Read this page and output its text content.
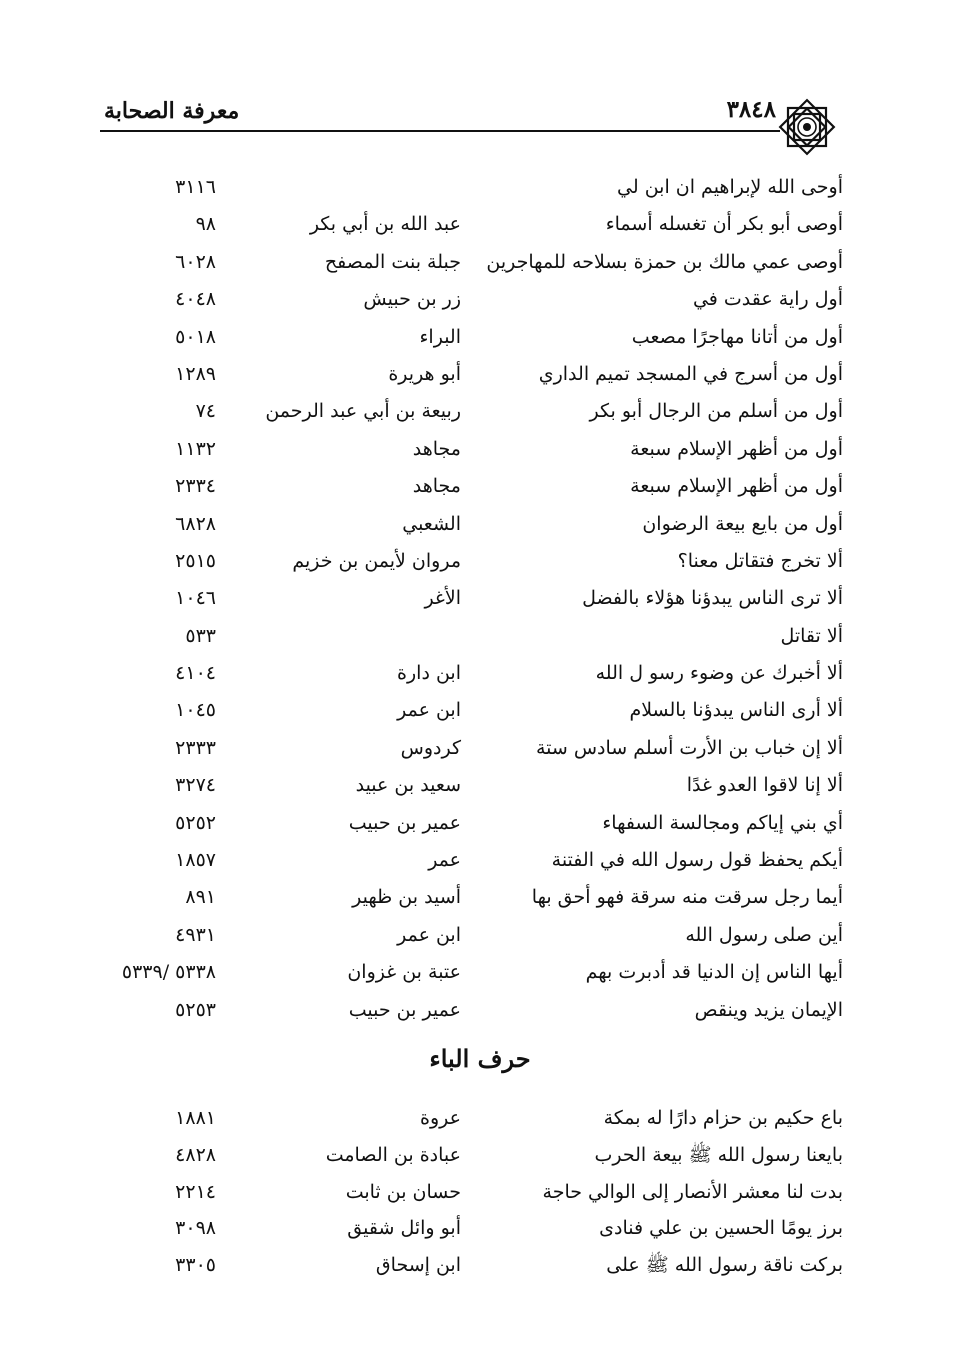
معرفة الصحابة	٣٨٤٨
أوحى الله لإبراهيم ان ابن لي
٣١١٦
أوصى أبو بكر أن تغسله أسماء
عبد الله بن أبي بكر
٩٨
أوصى عمي مالك بن حمزة بسلاحه للمهاجرين
جبلة بنت المصفح
٦٠٢٨
أول راية عقدت في
زر بن حبيش
٤٠٤٨
أول من أتانا مهاجرًا مصعب
البراء
٥٠١٨
أول من أسرج في المسجد تميم الداري
أبو هريرة
١٢٨٩
أول من أسلم من الرجال أبو بكر
ربيعة بن أبي عبد الرحمن
٧٤
أول من أظهر الإسلام سبعة
مجاهد
١١٣٢
أول من أظهر الإسلام سبعة
مجاهد
٢٣٣٤
أول من بايع بيعة الرضوان
الشعبي
٦٨٢٨
ألا تخرج فتقاتل معنا؟
مروان لأيمن بن خزيم
٢٥١٥
ألا ترى الناس يبدؤنا هؤلاء بالفضل
الأغر
١٠٤٦
ألا تقاتل
٥٣٣
ألا أخبرك عن وضوء رسو ل الله
ابن دارة
٤١٠٤
ألا أرى الناس يبدؤنا بالسلام
ابن عمر
١٠٤٥
ألا إن خباب بن الأرت أسلم سادس ستة
كردوس
٢٣٣٣
ألا إنا لاقوا العدو غدًا
سعيد بن عبيد
٣٢٧٤
أي بني إياكم ومجالسة السفهاء
عمير بن حبيب
٥٢٥٢
أيكم يحفظ قول رسول الله في الفتنة
عمر
١٨٥٧
أيما رجل سرقت منه سرقة فهو أحق بها
أسيد بن ظهير
٨٩١
أين صلى رسول الله
ابن عمر
٤٩٣١
أيها الناس إن الدنيا قد أدبرت بهم
عتبة بن غزوان
٥٣٣٨ /٥٣٣٩
الإيمان يزيد وينقص
عمير بن حبيب
٥٢٥٣
حرف الباء
باع حكيم بن حزام دارًا له بمكة
عروة
١٨٨١
بايعنا رسول الله ﷺ بيعة الحرب
عبادة بن الصامت
٤٨٢٨
بدت لنا معشر الأنصار إلى الوالي حاجة
حسان بن ثابت
٢٢١٤
برز يومًا الحسين بن علي فنادى
أبو وائل شقيق
٣٠٩٨
بركت ناقة رسول الله ﷺ على
ابن إسحاق
٣٣٠٥
